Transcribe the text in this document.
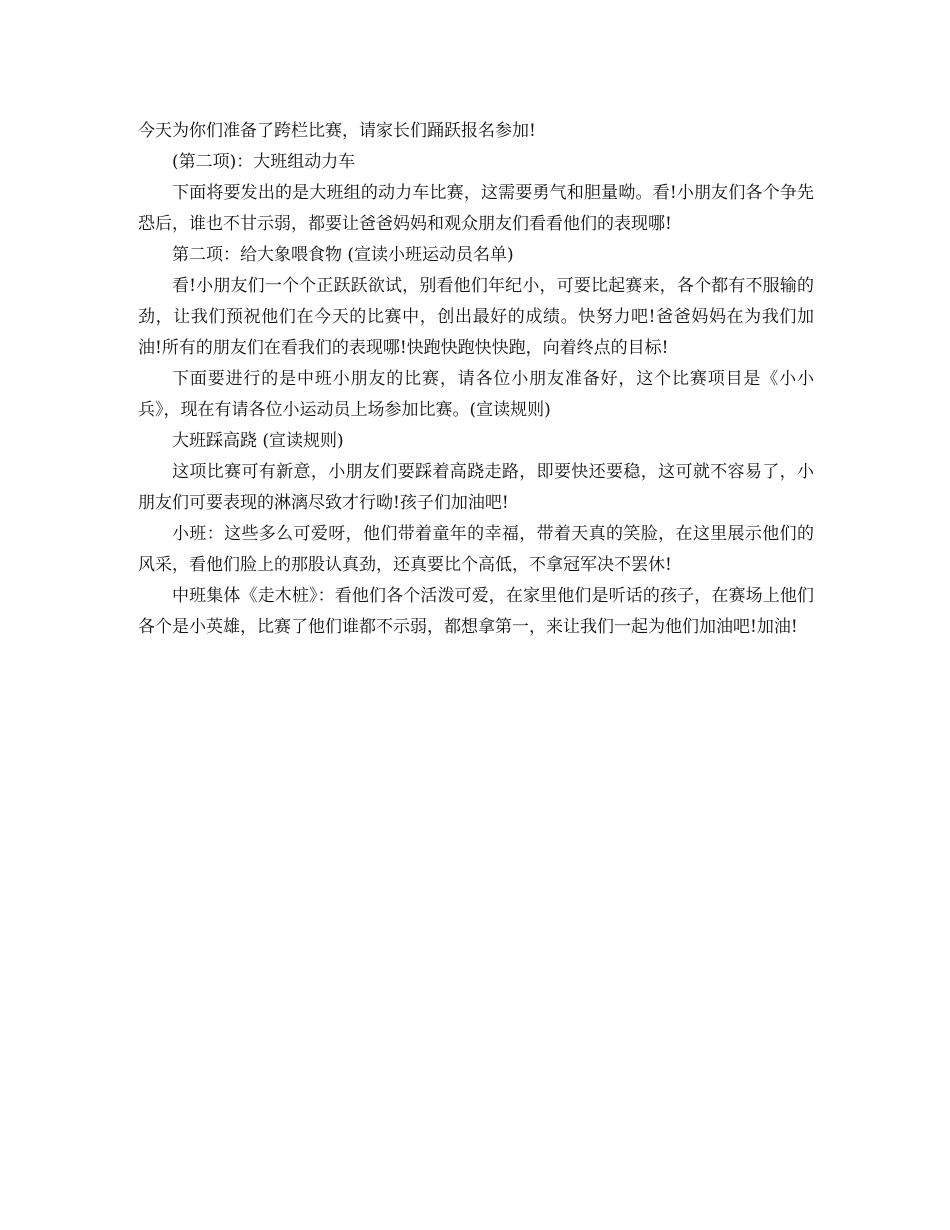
今天为你们准备了跨栏比赛，请家长们踊跃报名参加!

(第二项)：大班组动力车

下面将要发出的是大班组的动力车比赛，这需要勇气和胆量呦。看!小朋友们各个争先恐后，谁也不甘示弱，都要让爸爸妈妈和观众朋友们看看他们的表现哪!

第二项：给大象喂食物 (宣读小班运动员名单)

看!小朋友们一个个正跃跃欲试，别看他们年纪小，可要比起赛来，各个都有不服输的劲，让我们预祝他们在今天的比赛中，创出最好的成绩。快努力吧!爸爸妈妈在为我们加油!所有的朋友们在看我们的表现哪!快跑快跑快快跑，向着终点的目标!

下面要进行的是中班小朋友的比赛，请各位小朋友准备好，这个比赛项目是《小小兵》，现在有请各位小运动员上场参加比赛。(宣读规则)

大班踩高跷 (宣读规则)

这项比赛可有新意，小朋友们要踩着高跷走路，即要快还要稳，这可就不容易了，小朋友们可要表现的淋漓尽致才行呦!孩子们加油吧!

小班：这些多么可爱呀，他们带着童年的幸福，带着天真的笑脸，在这里展示他们的风采，看他们脸上的那股认真劲，还真要比个高低，不拿冠军决不罢休!

中班集体《走木桩》：看他们各个活泼可爱，在家里他们是听话的孩子，在赛场上他们各个是小英雄，比赛了他们谁都不示弱，都想拿第一，来让我们一起为他们加油吧!加油!
